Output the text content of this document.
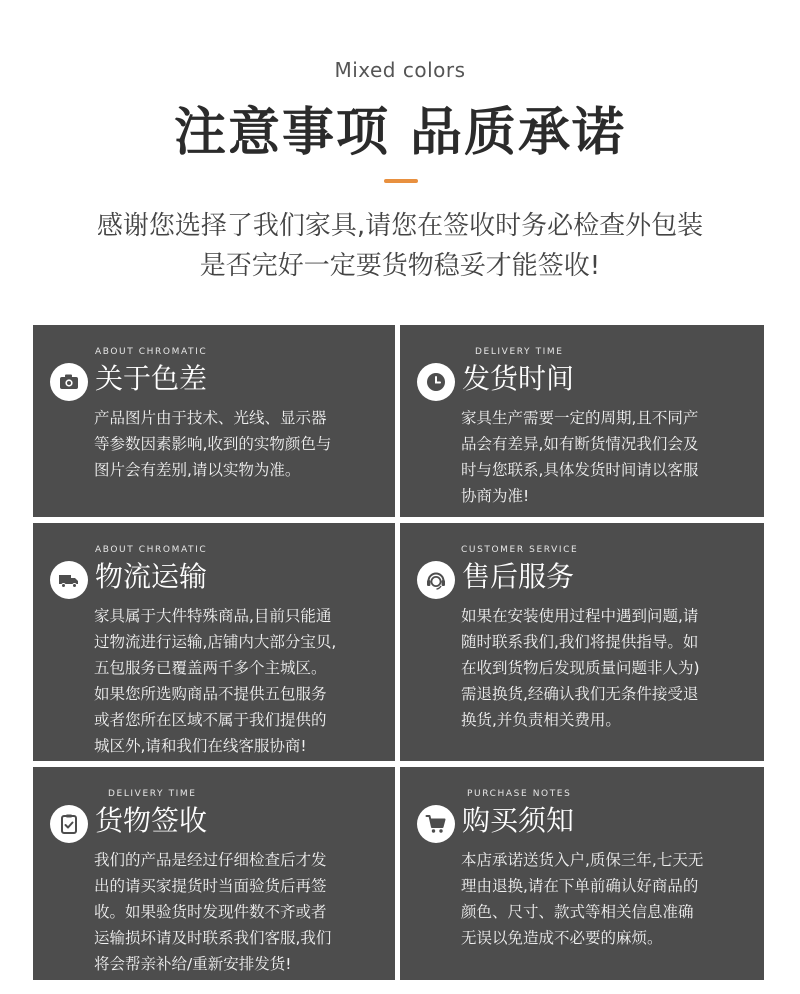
Mixed colors
注意事项 品质承诺
感谢您选择了我们家具,请您在签收时务必检查外包装
是否完好一定要货物稳妥才能签收!
ABOUT CHROMATIC
关于色差
产品图片由于技术、光线、显示器
等参数因素影响,收到的实物颜色与
图片会有差别,请以实物为准。
DELIVERY TIME
发货时间
家具生产需要一定的周期,且不同产
品会有差异,如有断货情况我们会及
时与您联系,具体发货时间请以客服
协商为准!
ABOUT CHROMATIC
物流运输
家具属于大件特殊商品,目前只能通
过物流进行运输,店铺内大部分宝贝,
五包服务已覆盖两千多个主城区。
如果您所选购商品不提供五包服务
或者您所在区域不属于我们提供的
城区外,请和我们在线客服协商!
CUSTOMER SERVICE
售后服务
如果在安装使用过程中遇到问题,请
随时联系我们,我们将提供指导。如
在收到货物后发现质量问题非人为)
需退换货,经确认我们无条件接受退
换货,并负责相关费用。
DELIVERY TIME
货物签收
我们的产品是经过仔细检查后才发
出的请买家提货时当面验货后再签
收。如果验货时发现件数不齐或者
运输损坏请及时联系我们客服,我们
将会帮亲补给/重新安排发货!
PURCHASE NOTES
购买须知
本店承诺送货入户,质保三年,七天无
理由退换,请在下单前确认好商品的
颜色、尺寸、款式等相关信息准确
无误以免造成不必要的麻烦。
